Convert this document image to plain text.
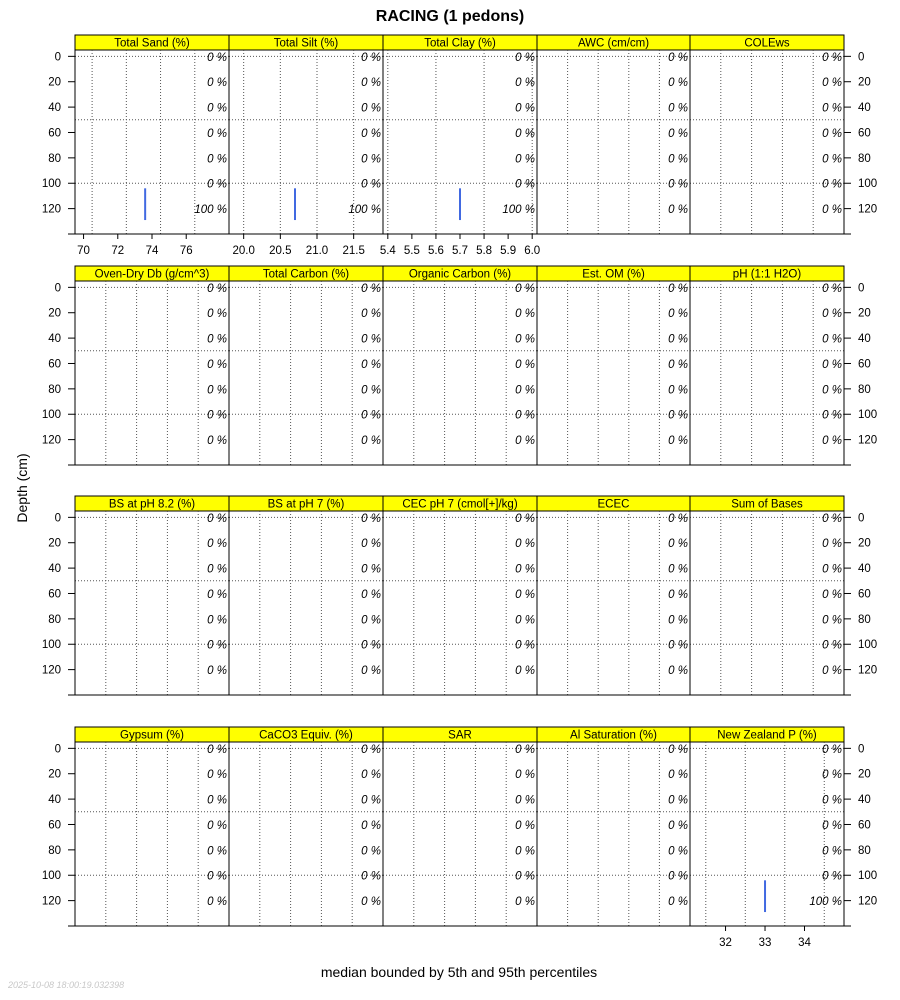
RACING (1 pedons)
Depth (cm)
median bounded by 5th and 95th percentiles
2025-10-08 18:00:19.032398
Total Sand (%)
0 %
0 %
0 %
0 %
0 %
0 %
100 %
70 72 74 76
Total Silt (%)
0 %
0 %
0 %
0 %
0 %
0 %
100 %
20.0 20.5 21.0 21.5
Total Clay (%)
0 %
0 %
0 %
0 %
0 %
0 %
100 %
5.4 5.5 5.6 5.7 5.8 5.9 6.0
AWC (cm/cm)
0 %
0 %
0 %
0 %
0 %
0 %
0 %
COLEws
0 %
0 %
0 %
0 %
0 %
0 %
0 %
Oven-Dry Db (g/cm^3)
0 %
0 %
0 %
0 %
0 %
0 %
0 %
Total Carbon (%)
0 %
0 %
0 %
0 %
0 %
0 %
0 %
Organic Carbon (%)
0 %
0 %
0 %
0 %
0 %
0 %
0 %
Est. OM (%)
0 %
0 %
0 %
0 %
0 %
0 %
0 %
pH (1:1 H2O)
0 %
0 %
0 %
0 %
0 %
0 %
0 %
BS at pH 8.2 (%)
0 %
0 %
0 %
0 %
0 %
0 %
0 %
BS at pH 7 (%)
0 %
0 %
0 %
0 %
0 %
0 %
0 %
CEC pH 7 (cmol[+]/kg)
0 %
0 %
0 %
0 %
0 %
0 %
0 %
ECEC
0 %
0 %
0 %
0 %
0 %
0 %
0 %
Sum of Bases
0 %
0 %
0 %
0 %
0 %
0 %
0 %
Gypsum (%)
0 %
0 %
0 %
0 %
0 %
0 %
0 %
CaCO3 Equiv. (%)
0 %
0 %
0 %
0 %
0 %
0 %
0 %
SAR
0 %
0 %
0 %
0 %
0 %
0 %
0 %
Al Saturation (%)
0 %
0 %
0 %
0 %
0 %
0 %
0 %
New Zealand P (%)
0 %
0 %
0 %
0 %
0 %
0 %
100 %
32 33 34
0	0
20	20
40	40
60	60
80	80
100	100
120	120
0	0
20	20
40	40
60	60
80	80
100	100
120	120
0	0
20	20
40	40
60	60
80	80
100	100
120	120
0	0
20	20
40	40
60	60
80	80
100	100
120	120
